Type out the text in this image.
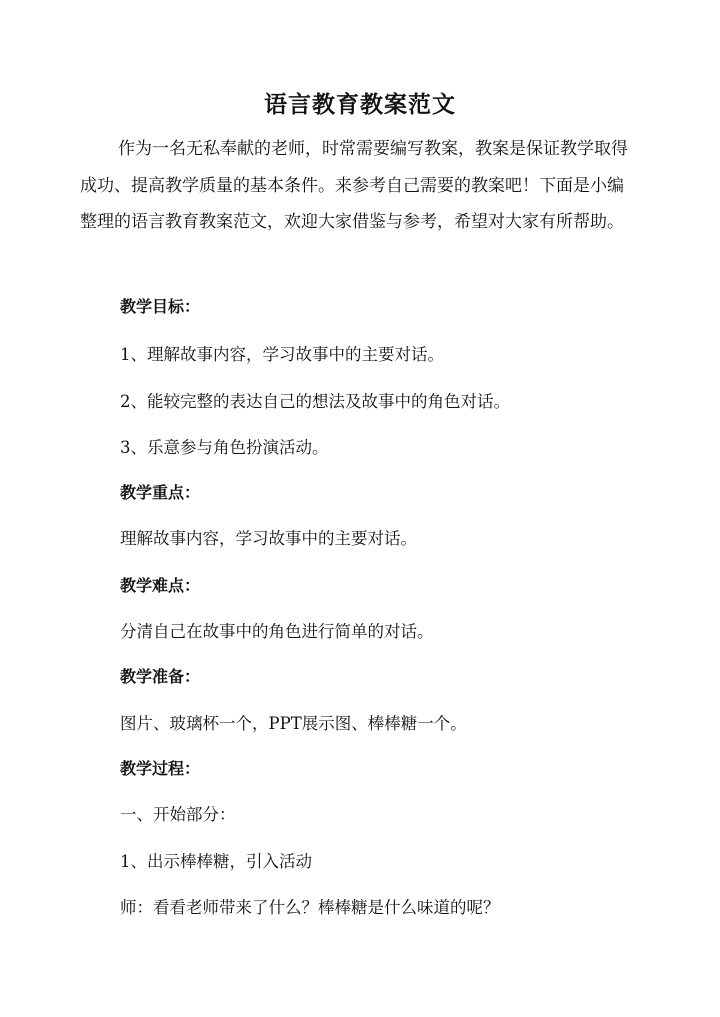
语言教育教案范文

作为一名无私奉献的老师，时常需要编写教案，教案是保证教学取得成功、提高教学质量的基本条件。来参考自己需要的教案吧！下面是小编整理的语言教育教案范文，欢迎大家借鉴与参考，希望对大家有所帮助。

教学目标：

1、理解故事内容，学习故事中的主要对话。

2、能较完整的表达自己的想法及故事中的角色对话。

3、乐意参与角色扮演活动。

教学重点：

理解故事内容，学习故事中的主要对话。

教学难点：

分清自己在故事中的角色进行简单的对话。

教学准备：

图片、玻璃杯一个，PPT展示图、棒棒糖一个。

教学过程：

一、开始部分：

1、出示棒棒糖，引入活动

师：看看老师带来了什么？棒棒糖是什么味道的呢？
